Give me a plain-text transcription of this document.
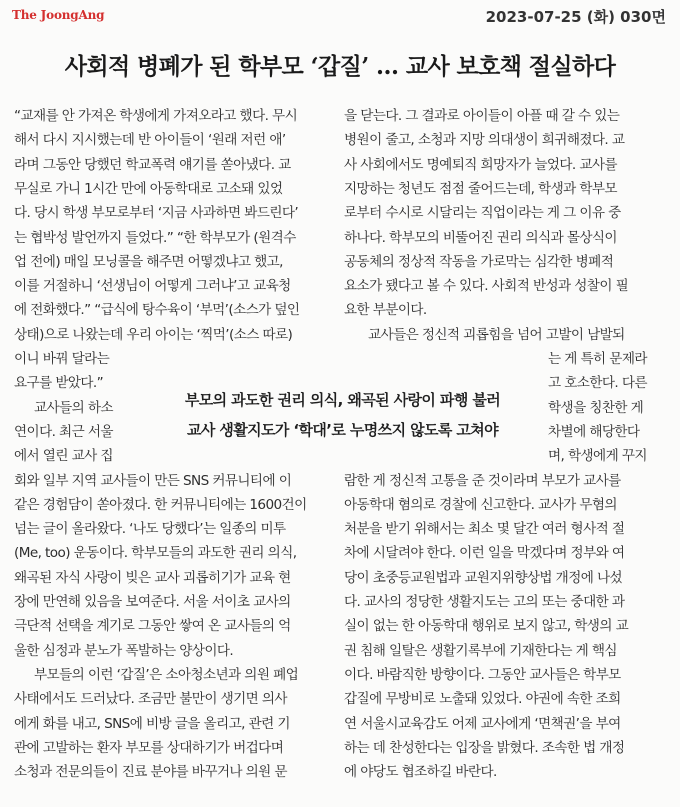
The JoongAng	2023-07-25 (화) 030면
사회적 병폐가 된 학부모 ‘갑질’ … 교사 보호책 절실하다
“교재를 안 가져온 학생에게 가져오라고 했다. 무시
해서 다시 지시했는데 반 아이들이 ‘원래 저런 애’
라며 그동안 당했던 학교폭력 얘기를 쏟아냈다. 교
무실로 가니 1시간 만에 아동학대로 고소돼 있었
다. 당시 학생 부모로부터 ‘지금 사과하면 봐드린다’
는 협박성 발언까지 들었다.” “한 학부모가 (원격수
업 전에) 매일 모닝콜을 해주면 어떻겠냐고 했고,
이를 거절하니 ‘선생님이 어떻게 그러냐’고 교육청
에 전화했다.” “급식에 탕수육이 ‘부먹’(소스가 덮인
상태)으로 나왔는데 우리 아이는 ‘찍먹’(소스 따로)
이니 바꿔 달라는
요구를 받았다.”
교사들의 하소
연이다. 최근 서울
에서 열린 교사 집
회와 일부 지역 교사들이 만든 SNS 커뮤니티에 이
같은 경험담이 쏟아졌다. 한 커뮤니티에는 1600건이
넘는 글이 올라왔다. ‘나도 당했다’는 일종의 미투
(Me, too) 운동이다. 학부모들의 과도한 권리 의식,
왜곡된 자식 사랑이 빚은 교사 괴롭히기가 교육 현
장에 만연해 있음을 보여준다. 서울 서이초 교사의
극단적 선택을 계기로 그동안 쌓여 온 교사들의 억
울한 심정과 분노가 폭발하는 양상이다.
부모들의 이런 ‘갑질’은 소아청소년과 의원 폐업
사태에서도 드러났다. 조금만 불만이 생기면 의사
에게 화를 내고, SNS에 비방 글을 올리고, 관련 기
관에 고발하는 환자 부모를 상대하기가 버겁다며
소청과 전문의들이 진료 분야를 바꾸거나 의원 문
을 닫는다. 그 결과로 아이들이 아플 때 갈 수 있는
병원이 줄고, 소청과 지망 의대생이 희귀해졌다. 교
사 사회에서도 명예퇴직 희망자가 늘었다. 교사를
지망하는 청년도 점점 줄어드는데, 학생과 학부모
로부터 수시로 시달리는 직업이라는 게 그 이유 중
하나다. 학부모의 비뚤어진 권리 의식과 몰상식이
공동체의 정상적 작동을 가로막는 심각한 병폐적
요소가 됐다고 볼 수 있다. 사회적 반성과 성찰이 필
요한 부분이다.
교사들은 정신적 괴롭힘을 넘어 고발이 남발되
는 게 특히 문제라
고 호소한다. 다른
학생을 칭찬한 게
차별에 해당한다
며, 학생에게 꾸지
람한 게 정신적 고통을 준 것이라며 부모가 교사를
아동학대 혐의로 경찰에 신고한다. 교사가 무혐의
처분을 받기 위해서는 최소 몇 달간 여러 형사적 절
차에 시달려야 한다. 이런 일을 막겠다며 정부와 여
당이 초중등교원법과 교원지위향상법 개정에 나섰
다. 교사의 정당한 생활지도는 고의 또는 중대한 과
실이 없는 한 아동학대 행위로 보지 않고, 학생의 교
권 침해 일탈은 생활기록부에 기재한다는 게 핵심
이다. 바람직한 방향이다. 그동안 교사들은 학부모
갑질에 무방비로 노출돼 있었다. 야권에 속한 조희
연 서울시교육감도 어제 교사에게 ‘면책권’을 부여
하는 데 찬성한다는 입장을 밝혔다. 조속한 법 개정
에 야당도 협조하길 바란다.
부모의 과도한 권리 의식, 왜곡된 사랑이 파행 불러
교사 생활지도가 ‘학대’로 누명쓰지 않도록 고쳐야
